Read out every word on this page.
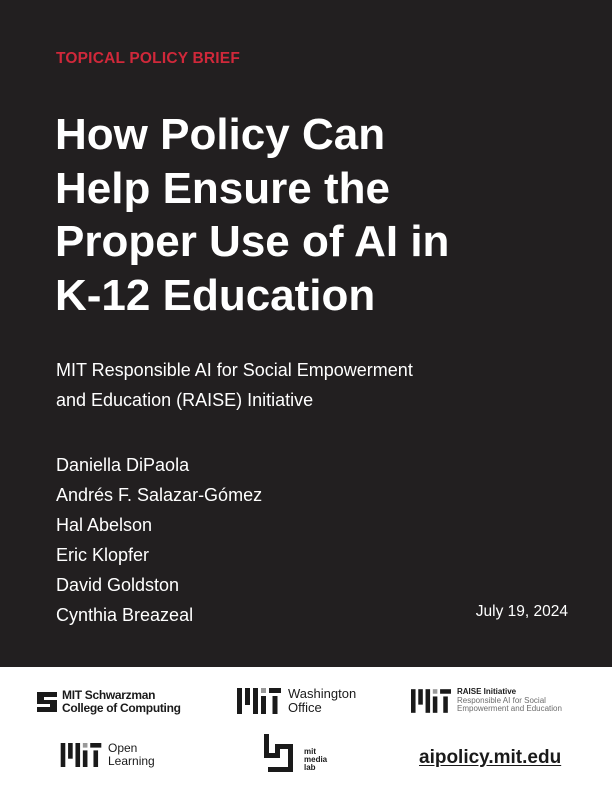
TOPICAL POLICY BRIEF
How Policy Can
Help Ensure the
Proper Use of AI in
K-12 Education
MIT Responsible AI for Social Empowerment
and Education (RAISE) Initiative
Daniella DiPaola
Andrés F. Salazar-Gómez
Hal Abelson
Eric Klopfer
David Goldston
Cynthia Breazeal	July 19, 2024
MIT Schwarzman
College of Computing
Washington
Office
RAISE Initiative
Responsible AI for Social
Empowerment and Education
Open
Learning
mit
media
lab	aipolicy.mit.edu
